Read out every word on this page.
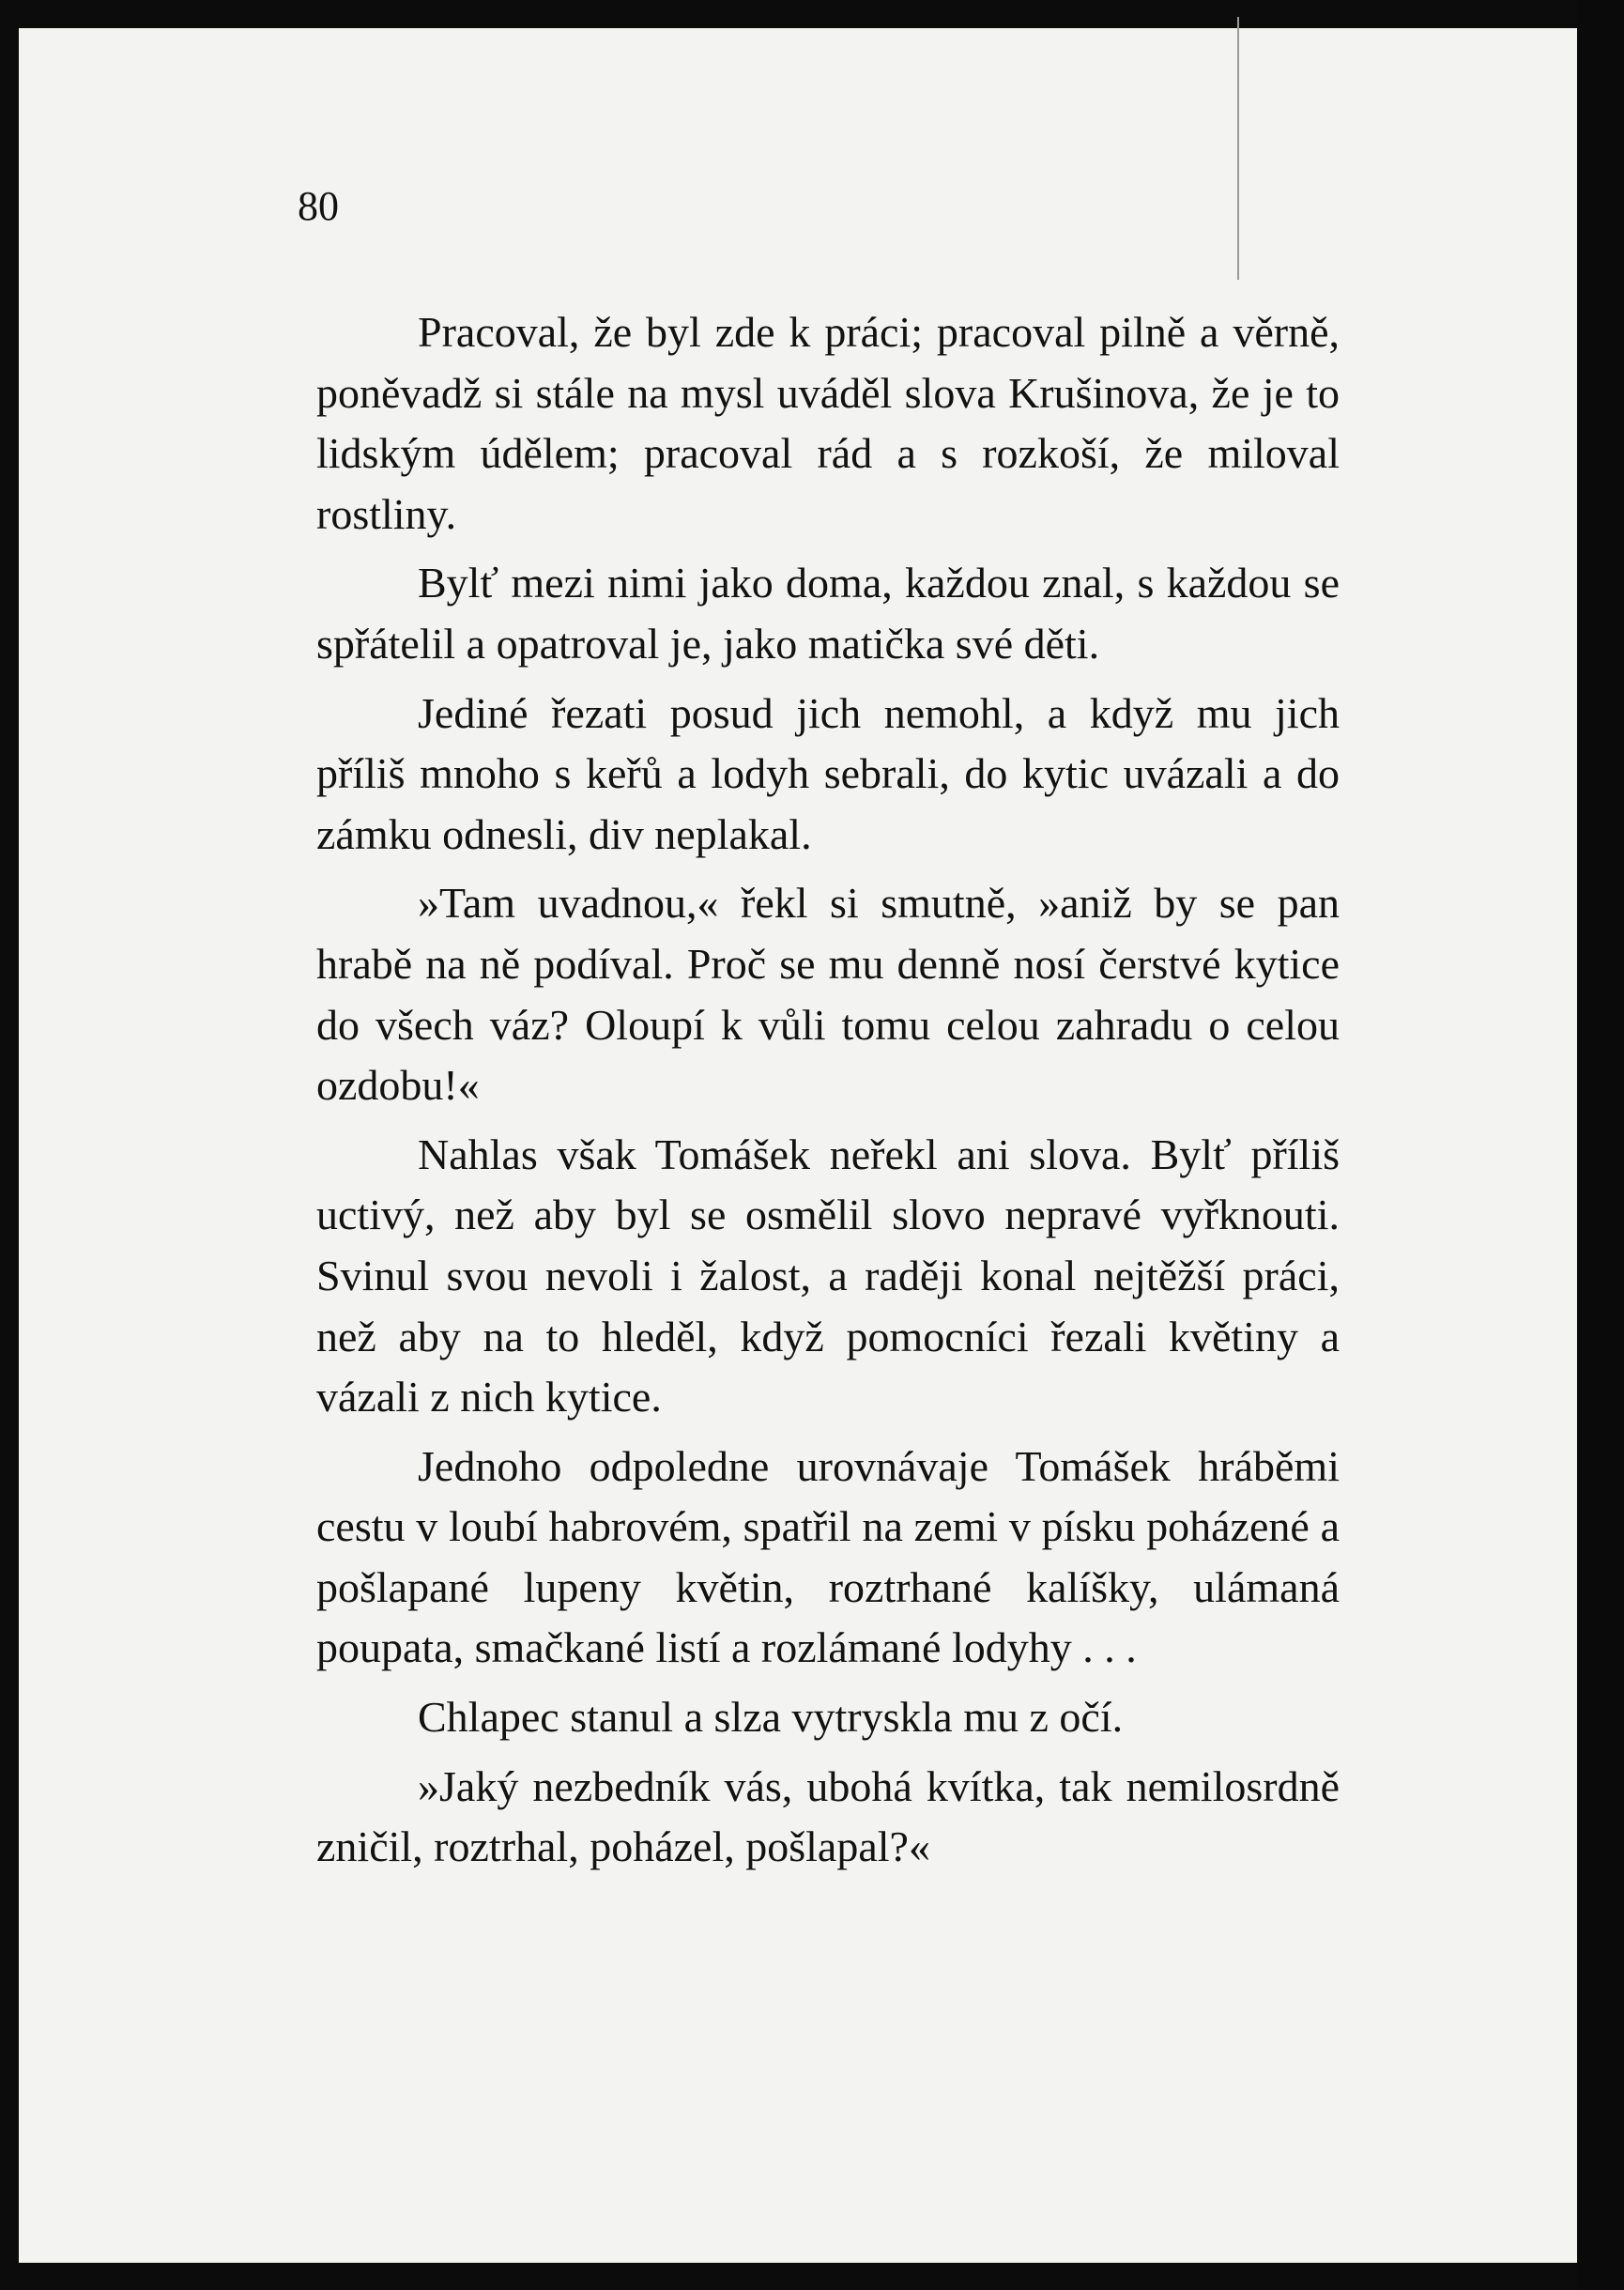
80

Pracoval, že byl zde k práci; pracoval pilně a věrně, poněvadž si stále na mysl uváděl slova Krušinova, že je to lidským údělem; pracoval rád a s rozkoší, že miloval rostliny.

Bylť mezi nimi jako doma, každou znal, s každou se spřátelil a opatroval je, jako matička své děti.

Jediné řezati posud jich nemohl, a když mu jich příliš mnoho s keřů a lodyh sebrali, do kytic uvázali a do zámku odnesli, div neplakal.

»Tam uvadnou,« řekl si smutně, »aniž by se pan hrabě na ně podíval. Proč se mu denně nosí čerstvé kytice do všech váz? Oloupí k vůli tomu celou zahradu o celou ozdobu!«

Nahlas však Tomášek neřekl ani slova. Bylť příliš uctivý, než aby byl se osmělil slovo nepravé vyřknouti. Svinul svou nevoli i žalost, a raději konal nejtěžší práci, než aby na to hleděl, když pomocníci řezali květiny a vázali z nich kytice.

Jednoho odpoledne urovnávaje Tomášek hráběmi cestu v loubí habrovém, spatřil na zemi v písku poházené a pošlapané lupeny květin, roztrhané kalíšky, ulámaná poupata, smačkané listí a rozlámané lodyhy . . .

Chlapec stanul a slza vytryskla mu z očí.

»Jaký nezbedník vás, ubohá kvítka, tak nemilosrdně zničil, roztrhal, poházel, pošlapal?«
